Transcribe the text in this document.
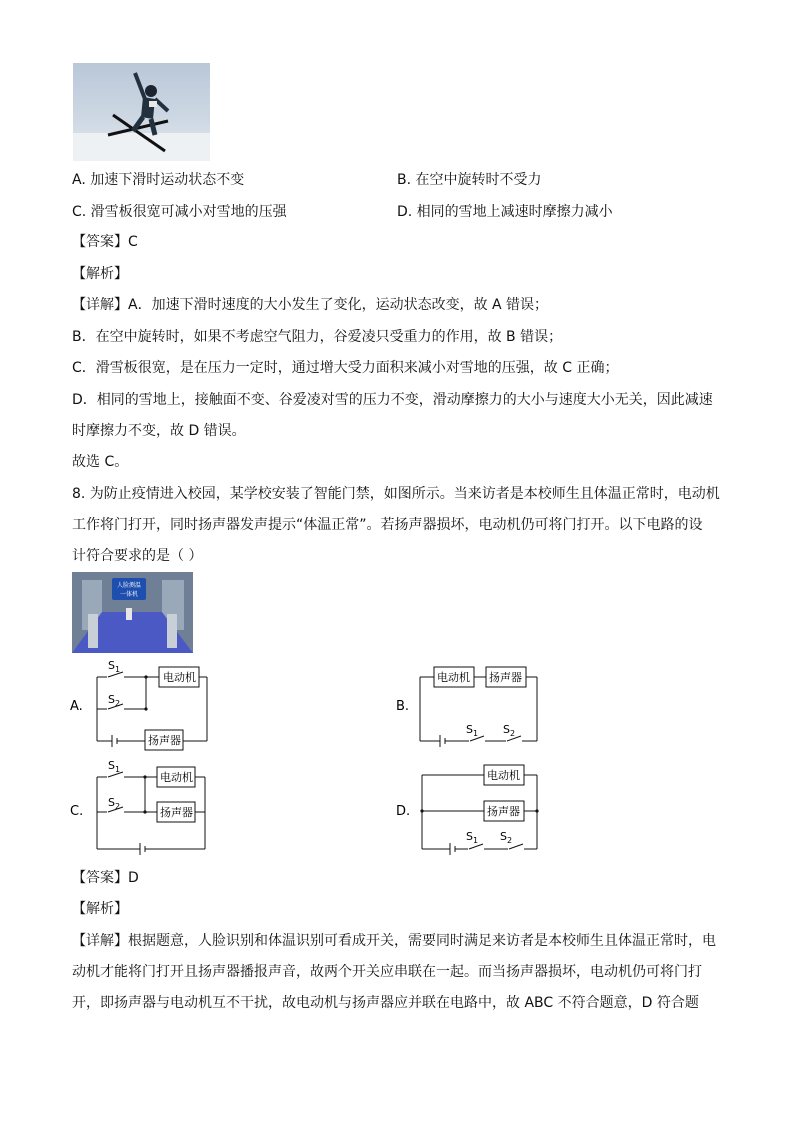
A. 加速下滑时运动状态不变	B. 在空中旋转时不受力
C. 滑雪板很宽可减小对雪地的压强	D. 相同的雪地上减速时摩擦力减小
【答案】C
【解析】
【详解】A．加速下滑时速度的大小发生了变化，运动状态改变，故 A 错误；
B．在空中旋转时，如果不考虑空气阻力，谷爱凌只受重力的作用，故 B 错误；
C．滑雪板很宽，是在压力一定时，通过增大受力面积来减小对雪地的压强，故 C 正确；
D．相同的雪地上，接触面不变、谷爱凌对雪的压力不变，滑动摩擦力的大小与速度大小无关，因此减速
时摩擦力不变，故 D 错误。
故选 C。
8. 为防止疫情进入校园，某学校安装了智能门禁，如图所示。当来访者是本校师生且体温正常时，电动机
工作将门打开，同时扬声器发声提示“体温正常”。若扬声器损坏，电动机仍可将门打开。以下电路的设
计符合要求的是（ ）
人脸测温
一体机
A.	B.
C.	D.
电动机
扬声器
$S_1$
$S_2$
电动机 扬声器
$S_1$ $S_2$
电动机
扬声器
$S_1$
$S_2$
电动机
扬声器
$S_1$ $S_2$
【答案】D
【解析】
【详解】根据题意，人脸识别和体温识别可看成开关，需要同时满足来访者是本校师生且体温正常时，电
动机才能将门打开且扬声器播报声音，故两个开关应串联在一起。而当扬声器损坏，电动机仍可将门打
开，即扬声器与电动机互不干扰，故电动机与扬声器应并联在电路中，故 ABC 不符合题意，D 符合题
